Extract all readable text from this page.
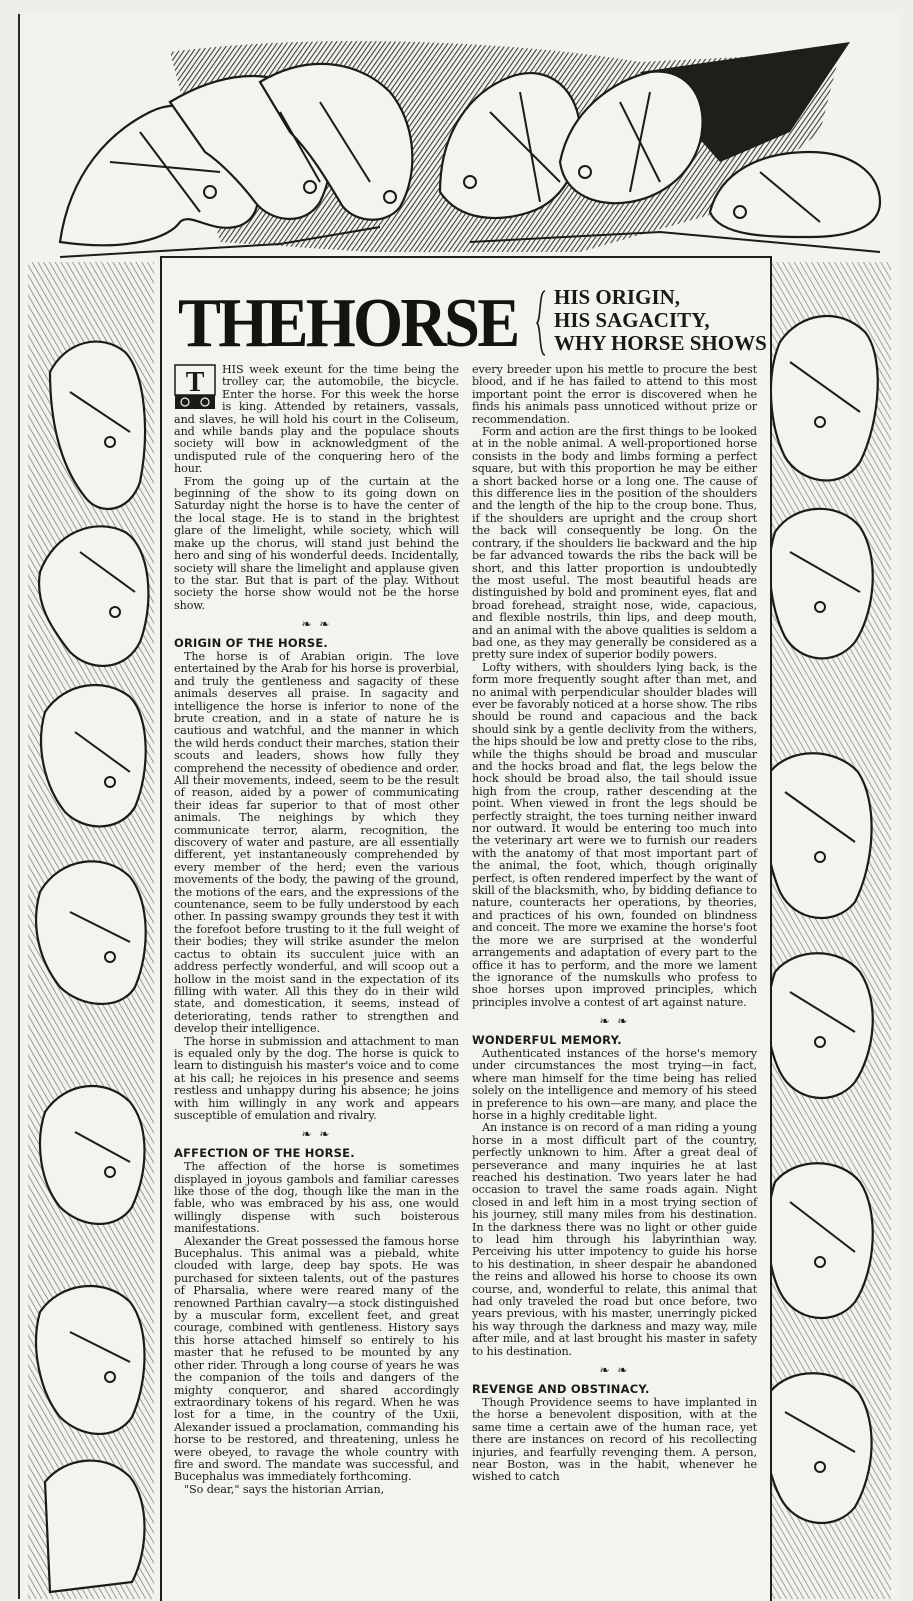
THEHORSE HIS ORIGIN,
HIS SAGACITY,
WHY HORSE SHOWS
T	HIS week exeunt for the time being the trolley car, the automobile, the bicycle. Enter the horse. For this week the horse is king. Attended by retainers, vassals, and slaves, he will hold his court in the Coliseum, and while bands play and the populace shouts society will bow in acknowledgment of the undisputed rule of the conquering hero of the hour.

From the going up of the curtain at the beginning of the show to its going down on Saturday night the horse is to have the center of the local stage. He is to stand in the brightest glare of the limelight, while society, which will make up the chorus, will stand just behind the hero and sing of his wonderful deeds. Incidentally, society will share the limelight and applause given to the star. But that is part of the play. Without society the horse show would not be the horse show.

❧ ❧
ORIGIN OF THE HORSE.

The horse is of Arabian origin. The love entertained by the Arab for his horse is proverbial, and truly the gentleness and sagacity of these animals deserves all praise. In sagacity and intelligence the horse is inferior to none of the brute creation, and in a state of nature he is cautious and watchful, and the manner in which the wild herds conduct their marches, station their scouts and leaders, shows how fully they comprehend the necessity of obedience and order. All their movements, indeed, seem to be the result of reason, aided by a power of communicating their ideas far superior to that of most other animals. The neighings by which they communicate terror, alarm, recognition, the discovery of water and pasture, are all essentially different, yet instantaneously comprehended by every member of the herd; even the various movements of the body, the pawing of the ground, the motions of the ears, and the expressions of the countenance, seem to be fully understood by each other. In passing swampy grounds they test it with the forefoot before trusting to it the full weight of their bodies; they will strike asunder the melon cactus to obtain its succulent juice with an address perfectly wonderful, and will scoop out a hollow in the moist sand in the expectation of its filling with water. All this they do in their wild state, and domestication, it seems, instead of deteriorating, tends rather to strengthen and develop their intelligence.

The horse in submission and attachment to man is equaled only by the dog. The horse is quick to learn to distinguish his master's voice and to come at his call; he rejoices in his presence and seems restless and unhappy during his absence; he joins with him willingly in any work and appears susceptible of emulation and rivalry.

❧ ❧
AFFECTION OF THE HORSE.

The affection of the horse is sometimes displayed in joyous gambols and familiar caresses like those of the dog, though like the man in the fable, who was embraced by his ass, one would willingly dispense with such boisterous manifestations.

Alexander the Great possessed the famous horse Bucephalus. This animal was a piebald, white clouded with large, deep bay spots. He was purchased for sixteen talents, out of the pastures of Pharsalia, where were reared many of the renowned Parthian cavalry—a stock distinguished by a muscular form, excellent feet, and great courage, combined with gentleness. History says this horse attached himself so entirely to his master that he refused to be mounted by any other rider. Through a long course of years he was the companion of the toils and dangers of the mighty conqueror, and shared accordingly extraordinary tokens of his regard. When he was lost for a time, in the country of the Uxii, Alexander issued a proclamation, commanding his horse to be restored, and threatening, unless he were obeyed, to ravage the whole country with fire and sword. The mandate was successful, and Bucephalus was immediately forthcoming.

"So dear," says the historian Arrian,

every breeder upon his mettle to procure the best blood, and if he has failed to attend to this most important point the error is discovered when he finds his animals pass unnoticed without prize or recommendation.

Form and action are the first things to be looked at in the noble animal. A well-proportioned horse consists in the body and limbs forming a perfect square, but with this proportion he may be either a short backed horse or a long one. The cause of this difference lies in the position of the shoulders and the length of the hip to the croup bone. Thus, if the shoulders are upright and the croup short the back will consequently be long. On the contrary, if the shoulders lie backward and the hip be far advanced towards the ribs the back will be short, and this latter proportion is undoubtedly the most useful. The most beautiful heads are distinguished by bold and prominent eyes, flat and broad forehead, straight nose, wide, capacious, and flexible nostrils, thin lips, and deep mouth, and an animal with the above qualities is seldom a bad one, as they may generally be considered as a pretty sure index of superior bodily powers.

Lofty withers, with shoulders lying back, is the form more frequently sought after than met, and no animal with perpendicular shoulder blades will ever be favorably noticed at a horse show. The ribs should be round and capacious and the back should sink by a gentle declivity from the withers, the hips should be low and pretty close to the ribs, while the thighs should be broad and muscular and the hocks broad and flat, the legs below the hock should be broad also, the tail should issue high from the croup, rather descending at the point. When viewed in front the legs should be perfectly straight, the toes turning neither inward nor outward. It would be entering too much into the veterinary art were we to furnish our readers with the anatomy of that most important part of the animal, the foot, which, though originally perfect, is often rendered imperfect by the want of skill of the blacksmith, who, by bidding defiance to nature, counteracts her operations, by theories, and practices of his own, founded on blindness and conceit. The more we examine the horse's foot the more we are surprised at the wonderful arrangements and adaptation of every part to the office it has to perform, and the more we lament the ignorance of the numskulls who profess to shoe horses upon improved principles, which principles involve a contest of art against nature.

❧ ❧
WONDERFUL MEMORY.

Authenticated instances of the horse's memory under circumstances the most trying—in fact, where man himself for the time being has relied solely on the intelligence and memory of his steed in preference to his own—are many, and place the horse in a highly creditable light.

An instance is on record of a man riding a young horse in a most difficult part of the country, perfectly unknown to him. After a great deal of perseverance and many inquiries he at last reached his destination. Two years later he had occasion to travel the same roads again. Night closed in and left him in a most trying section of his journey, still many miles from his destination. In the darkness there was no light or other guide to lead him through his labyrinthian way. Perceiving his utter impotency to guide his horse to his destination, in sheer despair he abandoned the reins and allowed his horse to choose its own course, and, wonderful to relate, this animal that had only traveled the road but once before, two years previous, with his master, unerringly picked his way through the darkness and mazy way, mile after mile, and at last brought his master in safety to his destination.

❧ ❧
REVENGE AND OBSTINACY.

Though Providence seems to have implanted in the horse a benevolent disposition, with at the same time a certain awe of the human race, yet there are instances on record of his recollecting injuries, and fearfully revenging them. A person, near Boston, was in the habit, whenever he wished to catch
